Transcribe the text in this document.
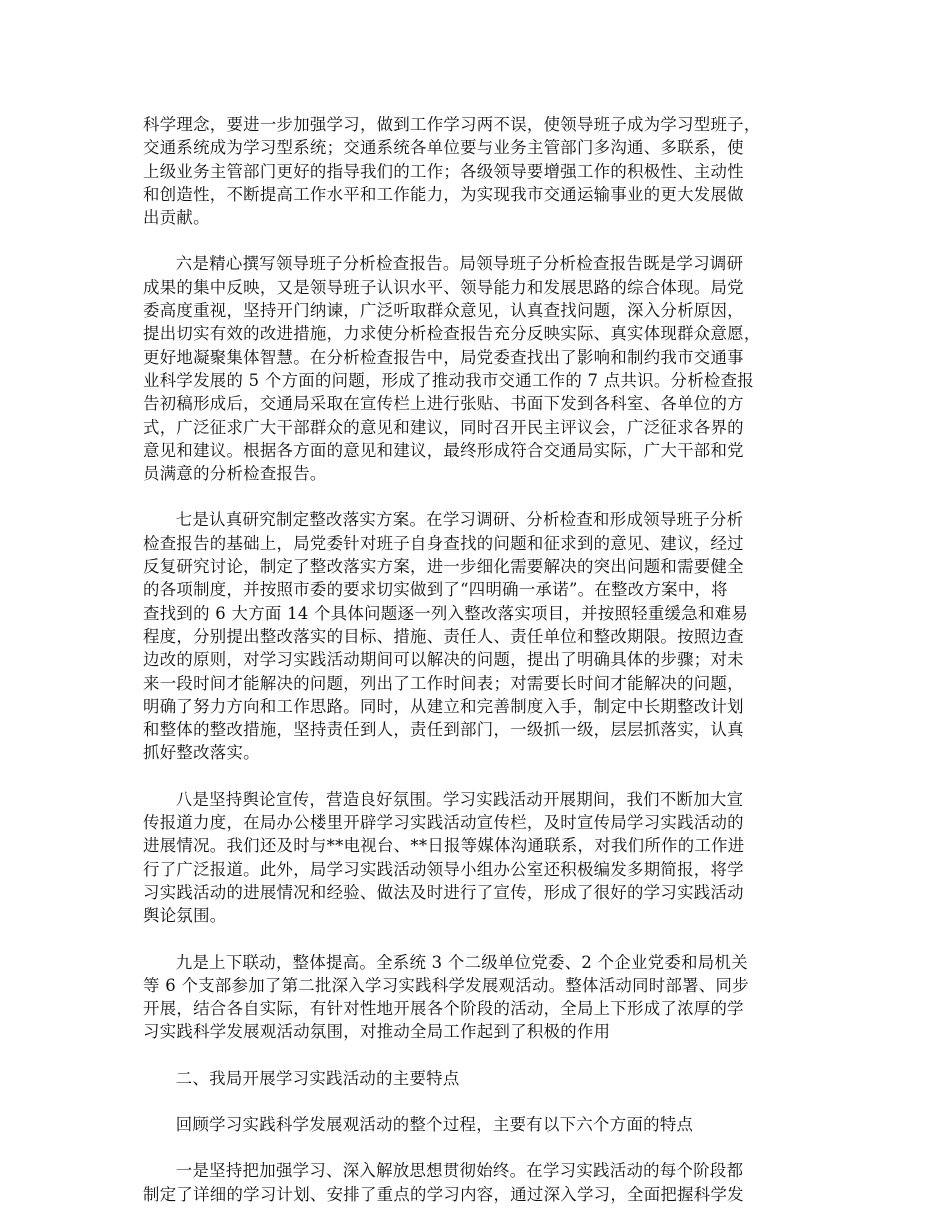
科学理念，要进一步加强学习，做到工作学习两不误，使领导班子成为学习型班子，
交通系统成为学习型系统；交通系统各单位要与业务主管部门多沟通、多联系，使
上级业务主管部门更好的指导我们的工作；各级领导要增强工作的积极性、主动性
和创造性，不断提高工作水平和工作能力，为实现我市交通运输事业的更大发展做
出贡献。
六是精心撰写领导班子分析检查报告。局领导班子分析检查报告既是学习调研
成果的集中反映，又是领导班子认识水平、领导能力和发展思路的综合体现。局党
委高度重视，坚持开门纳谏，广泛听取群众意见，认真查找问题，深入分析原因，
提出切实有效的改进措施，力求使分析检查报告充分反映实际、真实体现群众意愿，
更好地凝聚集体智慧。在分析检查报告中，局党委查找出了影响和制约我市交通事
业科学发展的 5 个方面的问题，形成了推动我市交通工作的 7 点共识。分析检查报
告初稿形成后，交通局采取在宣传栏上进行张贴、书面下发到各科室、各单位的方
式，广泛征求广大干部群众的意见和建议，同时召开民主评议会，广泛征求各界的
意见和建议。根据各方面的意见和建议，最终形成符合交通局实际，广大干部和党
员满意的分析检查报告。
七是认真研究制定整改落实方案。在学习调研、分析检查和形成领导班子分析
检查报告的基础上，局党委针对班子自身查找的问题和征求到的意见、建议，经过
反复研究讨论，制定了整改落实方案，进一步细化需要解决的突出问题和需要健全
的各项制度，并按照市委的要求切实做到了“四明确一承诺”。在整改方案中，将
查找到的 6 大方面 14 个具体问题逐一列入整改落实项目，并按照轻重缓急和难易
程度，分别提出整改落实的目标、措施、责任人、责任单位和整改期限。按照边查
边改的原则，对学习实践活动期间可以解决的问题，提出了明确具体的步骤；对未
来一段时间才能解决的问题，列出了工作时间表；对需要长时间才能解决的问题，
明确了努力方向和工作思路。同时，从建立和完善制度入手，制定中长期整改计划
和整体的整改措施，坚持责任到人，责任到部门，一级抓一级，层层抓落实，认真
抓好整改落实。
八是坚持舆论宣传，营造良好氛围。学习实践活动开展期间，我们不断加大宣
传报道力度，在局办公楼里开辟学习实践活动宣传栏，及时宣传局学习实践活动的
进展情况。我们还及时与**电视台、**日报等媒体沟通联系，对我们所作的工作进
行了广泛报道。此外，局学习实践活动领导小组办公室还积极编发多期简报，将学
习实践活动的进展情况和经验、做法及时进行了宣传，形成了很好的学习实践活动
舆论氛围。
九是上下联动，整体提高。全系统 3 个二级单位党委、2 个企业党委和局机关
等 6 个支部参加了第二批深入学习实践科学发展观活动。整体活动同时部署、同步
开展，结合各自实际，有针对性地开展各个阶段的活动，全局上下形成了浓厚的学
习实践科学发展观活动氛围，对推动全局工作起到了积极的作用
二、我局开展学习实践活动的主要特点
回顾学习实践科学发展观活动的整个过程，主要有以下六个方面的特点
一是坚持把加强学习、深入解放思想贯彻始终。在学习实践活动的每个阶段都
制定了详细的学习计划、安排了重点的学习内容，通过深入学习，全面把握科学发
